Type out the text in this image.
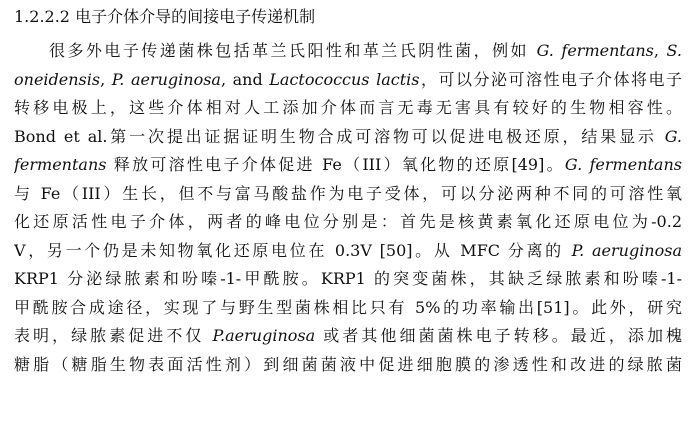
1.2.2.2 电子介体介导的间接电子传递机制
很多外电子传递菌株包括革兰氏阳性和革兰氏阴性菌，例如 G. fermentans, S.
oneidensis, P. aeruginosa, and Lactococcus lactis，可以分泌可溶性电子介体将电子
转移电极上，这些介体相对人工添加介体而言无毒无害具有较好的生物相容性。
Bond et al.第一次提出证据证明生物合成可溶物可以促进电极还原，结果显示 G.
fermentans 释放可溶性电子介体促进 Fe（III）氧化物的还原[49]。G. fermentans
与 Fe（III）生长，但不与富马酸盐作为电子受体，可以分泌两种不同的可溶性氧
化还原活性电子介体，两者的峰电位分别是：首先是核黄素氧化还原电位为-0.2
V，另一个仍是未知物氧化还原电位在 0.3V [50]。从 MFC 分离的 P. aeruginosa
KRP1 分泌绿脓素和吩嗪-1-甲酰胺。KRP1 的突变菌株，其缺乏绿脓素和吩嗪-1-
甲酰胺合成途径，实现了与野生型菌株相比只有 5%的功率输出[51]。此外，研究
表明，绿脓素促进不仅 P.aeruginosa 或者其他细菌菌株电子转移。最近，添加槐
糖脂（糖脂生物表面活性剂）到细菌菌液中促进细胞膜的渗透性和改进的绿脓菌
